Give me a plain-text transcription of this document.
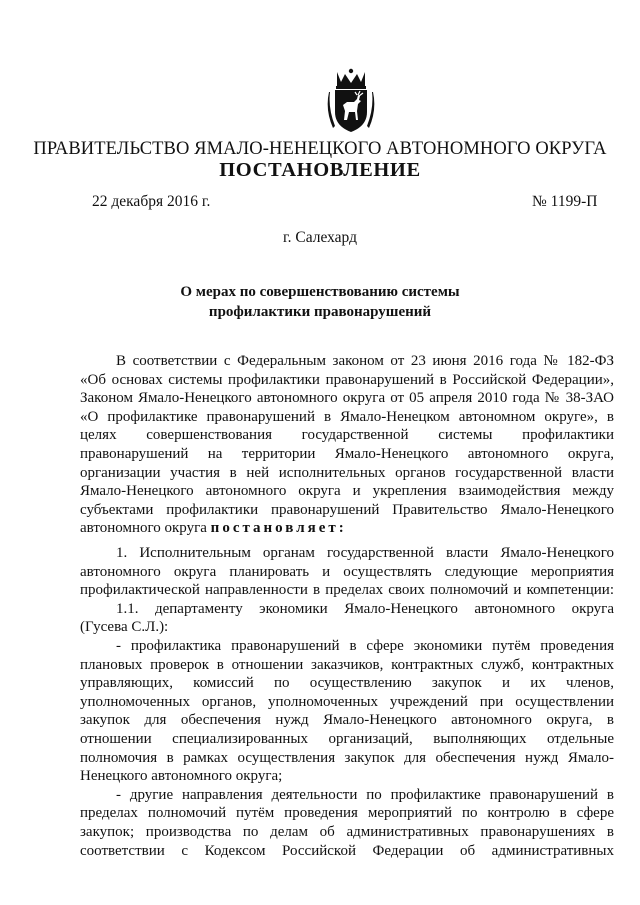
ПРАВИТЕЛЬСТВО ЯМАЛО-НЕНЕЦКОГО АВТОНОМНОГО ОКРУГА
ПОСТАНОВЛЕНИЕ
22 декабря 2016 г.	№ 1199-П
г. Салехард
О мерах по совершенствованию системы
профилактики правонарушений
В соответствии с Федеральным законом от 23 июня 2016 года № 182-ФЗ
«Об основах системы профилактики правонарушений в Российской Федерации»,
Законом Ямало-Ненецкого автономного округа от 05 апреля 2010 года № 38-ЗАО
«О профилактике правонарушений в Ямало-Ненецком автономном округе», в
целях совершенствования государственной системы профилактики
правонарушений на территории Ямало-Ненецкого автономного округа,
организации участия в ней исполнительных органов государственной власти
Ямало-Ненецкого автономного округа и укрепления взаимодействия между
субъектами профилактики правонарушений Правительство Ямало-Ненецкого
автономного округа постановляет:
1. Исполнительным органам государственной власти Ямало-Ненецкого
автономного округа планировать и осуществлять следующие мероприятия
профилактической направленности в пределах своих полномочий и компетенции:
1.1. департаменту экономики Ямало-Ненецкого автономного округа
(Гусева С.Л.):
- профилактика правонарушений в сфере экономики путём проведения
плановых проверок в отношении заказчиков, контрактных служб, контрактных
управляющих, комиссий по осуществлению закупок и их членов,
уполномоченных органов, уполномоченных учреждений при осуществлении
закупок для обеспечения нужд Ямало-Ненецкого автономного округа, в
отношении специализированных организаций, выполняющих отдельные
полномочия в рамках осуществления закупок для обеспечения нужд Ямало-
Ненецкого автономного округа;
- другие направления деятельности по профилактике правонарушений в
пределах полномочий путём проведения мероприятий по контролю в сфере
закупок; производства по делам об административных правонарушениях в
соответствии с Кодексом Российской Федерации об административных
